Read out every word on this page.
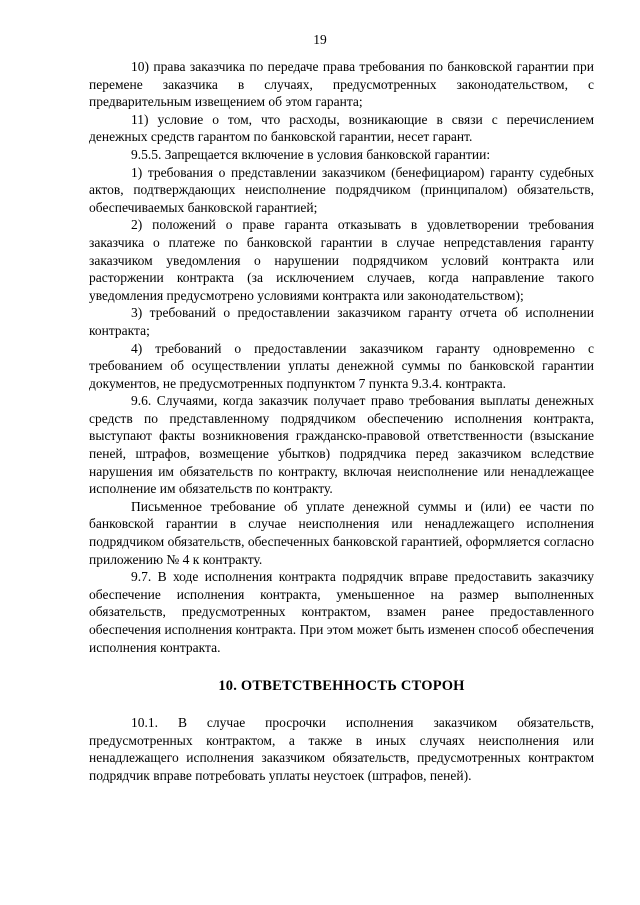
19

10) права заказчика по передаче права требования по банковской гарантии при перемене заказчика в случаях, предусмотренных законодательством, с предварительным извещением об этом гаранта;

11) условие о том, что расходы, возникающие в связи с перечислением денежных средств гарантом по банковской гарантии, несет гарант.

9.5.5. Запрещается включение в условия банковской гарантии:

1) требования о представлении заказчиком (бенефициаром) гаранту судебных актов, подтверждающих неисполнение подрядчиком (принципалом) обязательств, обеспечиваемых банковской гарантией;

2) положений о праве гаранта отказывать в удовлетворении требования заказчика о платеже по банковской гарантии в случае непредставления гаранту заказчиком уведомления о нарушении подрядчиком условий контракта или расторжении контракта (за исключением случаев, когда направление такого уведомления предусмотрено условиями контракта или законодательством);

3) требований о предоставлении заказчиком гаранту отчета об исполнении контракта;

4) требований о предоставлении заказчиком гаранту одновременно с требованием об осуществлении уплаты денежной суммы по банковской гарантии документов, не предусмотренных подпунктом 7 пункта 9.3.4. контракта.

9.6. Случаями, когда заказчик получает право требования выплаты денежных средств по представленному подрядчиком обеспечению исполнения контракта, выступают факты возникновения гражданско-правовой ответственности (взыскание пеней, штрафов, возмещение убытков) подрядчика перед заказчиком вследствие нарушения им обязательств по контракту, включая неисполнение или ненадлежащее исполнение им обязательств по контракту.

Письменное требование об уплате денежной суммы и (или) ее части по банковской гарантии в случае неисполнения или ненадлежащего исполнения подрядчиком обязательств, обеспеченных банковской гарантией, оформляется согласно приложению № 4 к контракту.

9.7. В ходе исполнения контракта подрядчик вправе предоставить заказчику обеспечение исполнения контракта, уменьшенное на размер выполненных обязательств, предусмотренных контрактом, взамен ранее предоставленного обеспечения исполнения контракта. При этом может быть изменен способ обеспечения исполнения контракта.

10. ОТВЕТСТВЕННОСТЬ СТОРОН

10.1. В случае просрочки исполнения заказчиком обязательств, предусмотренных контрактом, а также в иных случаях неисполнения или ненадлежащего исполнения заказчиком обязательств, предусмотренных контрактом подрядчик вправе потребовать уплаты неустоек (штрафов, пеней).
